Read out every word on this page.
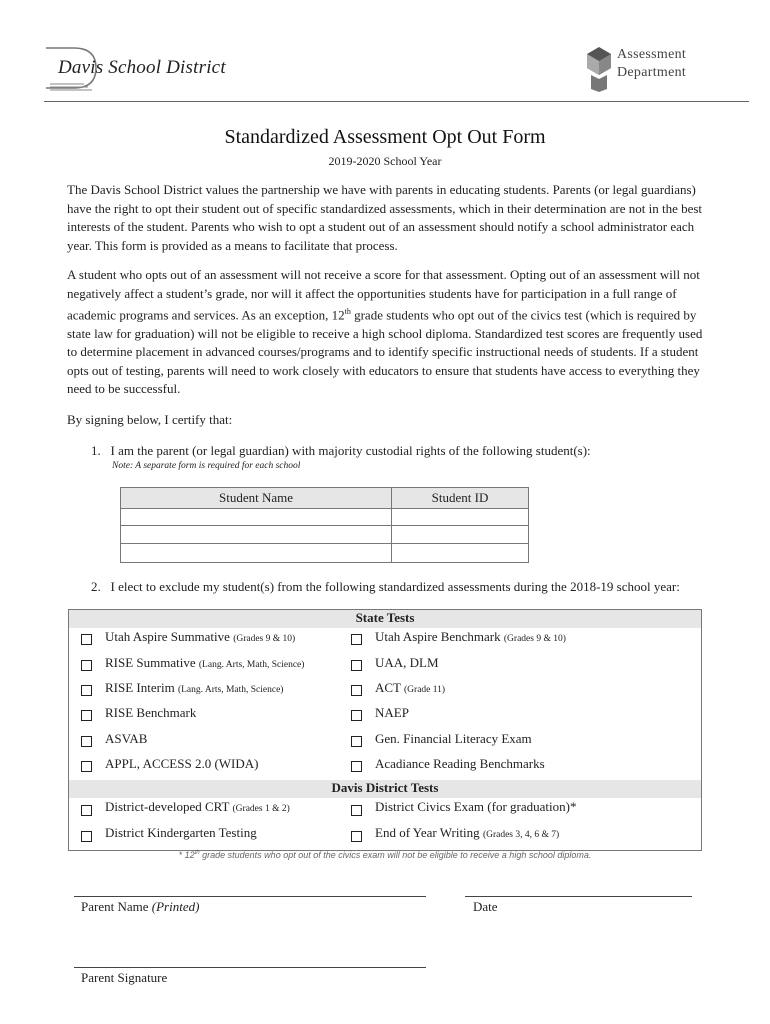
Davis School District
Assessment
Department
Standardized Assessment Opt Out Form
2019-2020 School Year
The Davis School District values the partnership we have with parents in educating students. Parents (or legal guardians) have the right to opt their student out of specific standardized assessments, which in their determination are not in the best interests of the student. Parents who wish to opt a student out of an assessment should notify a school administrator each year. This form is provided as a means to facilitate that process.
A student who opts out of an assessment will not receive a score for that assessment. Opting out of an assessment will not negatively affect a student’s grade, nor will it affect the opportunities students have for participation in a full range of academic programs and services. As an exception, 12th grade students who opt out of the civics test (which is required by state law for graduation) will not be eligible to receive a high school diploma. Standardized test scores are frequently used to determine placement in advanced courses/programs and to identify specific instructional needs of students. If a student opts out of testing, parents will need to work closely with educators to ensure that students have access to everything they need to be successful.
By signing below, I certify that:
1. I am the parent (or legal guardian) with majority custodial rights of the following student(s):
Note: A separate form is required for each school
Student Name	Student ID
2. I elect to exclude my student(s) from the following standardized assessments during the 2018-19 school year:
State Tests
Utah Aspire Summative (Grades 9 & 10)	Utah Aspire Benchmark (Grades 9 & 10)
RISE Summative (Lang. Arts, Math, Science)	UAA, DLM
RISE Interim (Lang. Arts, Math, Science)	ACT (Grade 11)
RISE Benchmark	NAEP
ASVAB	Gen. Financial Literacy Exam
APPL, ACCESS 2.0 (WIDA)	Acadiance Reading Benchmarks
Davis District Tests
District-developed CRT (Grades 1 & 2)	District Civics Exam (for graduation)*
District Kindergarten Testing	End of Year Writing (Grades 3, 4, 6 & 7)
* 12th grade students who opt out of the civics exam will not be eligible to receive a high school diploma.
Parent Name (Printed)	Date
Parent Signature
